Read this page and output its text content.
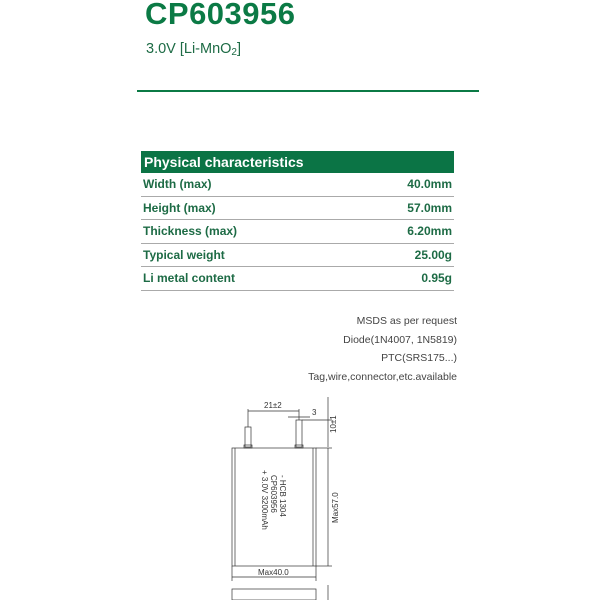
CP603956
3.0V [Li-MnO$_2$]
Physical characteristics	
Width (max)	40.0mm
Height (max)	57.0mm
Thickness (max)	6.20mm
Typical weight	25.00g
Li metal content	0.95g
MSDS as per request
Diode(1N4007, 1N5819)
PTC(SRS175...)
Tag,wire,connector,etc.available
21±2
3
10±1
Max57.0
Max40.0
- HCB 1304
CP603956
+ 3.0V 3200mAh
